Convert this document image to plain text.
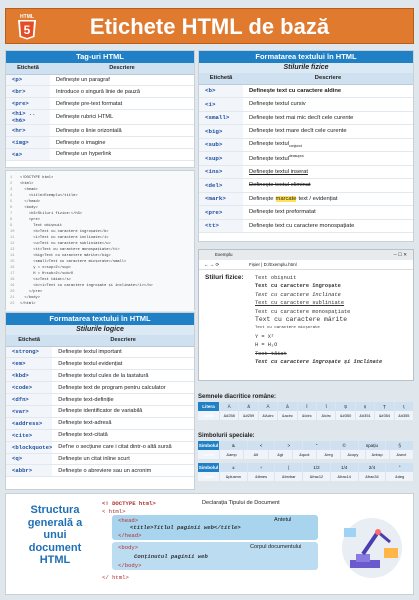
HTML
5	Etichete HTML de bază
Tag-uri HTML
Etichetă	Descriere
<p>	Definește un paragraf
<br>	Introduce o singură linie de pauză
<pre>	Definește pre-text formatat
<h1> .. <h6>	Definește rubrici HTML
<hr>	Definește o linie orizontală
<img>	Definește o imagine
<a>	Definește un hyperlink
1 <!DOCTYPE html>
2 <html>
3  <head>
4    <title>Exemplu</title>
5  </head>
6  <body>
7    <h3>Stiluri fizice:</h3>
8    <pre>
9      Text obișnuit
10      <b>Text cu caractere îngroșate</b>
11      <i>Text cu caractere înclinate</i>
12      <u>Text cu caractere subliniate</u>
13      <tt>Text cu caractere monospațiate</tt>
14      <big>Text cu caractere mărite</big>
15      <small>Text cu caractere micșorate</small>
16      y = x<sup>2</sup>
17      H = H<sub>2</sub>O
18      <s>Text tăiat</s>
19      <b><i>Text cu caractere îngroșate și înclinate</i></b>
20    </pre>
21  </body>
22 </html>
Formatarea textului în HTML
Stilurile logice
Etichetă	Descriere
<strong>	Definește textul important
<em>	Definește textul evidențiat
<kbd>	Definește textul cules de la tastatură
<code>	Definește text de program pentru calculator
<dfn>	Definește text-definiție
<var>	Definește identificator de variabilă
<address>	Definește text-adresă
<cite>	Definește text-citată
<blockquote>	Def'ne o secțiune care i citat dintr-o altă sursă
<q>	Definește un citat inline scurt
<abbr>	Definește o abreviere sau un acronim
Formatarea textului în HTML
Stilurile fizice
Etichetă	Descriere
<b>	Definește text cu caractere aldine
<i>	Definește textul cursiv
<small>	Definește text mai mic decît cele curente
<big>	Definește text mare decît cele curente
<sub>	Definește textul$_{conjunct}$
<sup>	Definește textul$^{deasupra}$
<ins>	Definește textul inserat
<del>	Definește textul eliminat
<mark>	Definește marcate text / evidențiat
<pre>	Definește text preformatat
<tt>	Definește text cu caractere monospațiate
Exemplu	─ ☐ ✕
← → ⟳	Fișier | D:/Exemplu.html
Stiluri fizice:	Text obișnuit
Text cu caractere îngroșate
Text cu caractere înclinate
Text cu caractere subliniate
Text cu caractere monospațiate
Text cu caractere mărite
Text cu caractere micșorate
Y = X²
H = H₂O
Text tăiat
Text cu caractere îngroșate și înclinate
Semnele diacritice române:
Litera	Ă	ă	Â	â	Î	î	Ș	ș	Ț	ț
Codul	&#258	&#259	&Acirc	&acirc	&Icirc	&icirc	&#350	&#351	&#354	&#355
Simbolurii speciale:
Simbolul	&	<	>	"	©	spațiu	§
Codul	&amp	&lt	&gt	&quot	&reg	&copy	&nbsp	&sect
Simbolul	±	÷	|	1/2	1/4	2/4	°
Codul	&plusmn	&times	&brvbar	&frac12	&frac14	&frac34	&deg
Structura generală a unui document HTML
<! DOCTYPE html>
< html>
<head>
<title>Titlul paginii web</title>
</head>
<body>
Conținutul paginii web
</body>
</ html>
Declarația Tipului de Document
Antetul
Corpul documentului
